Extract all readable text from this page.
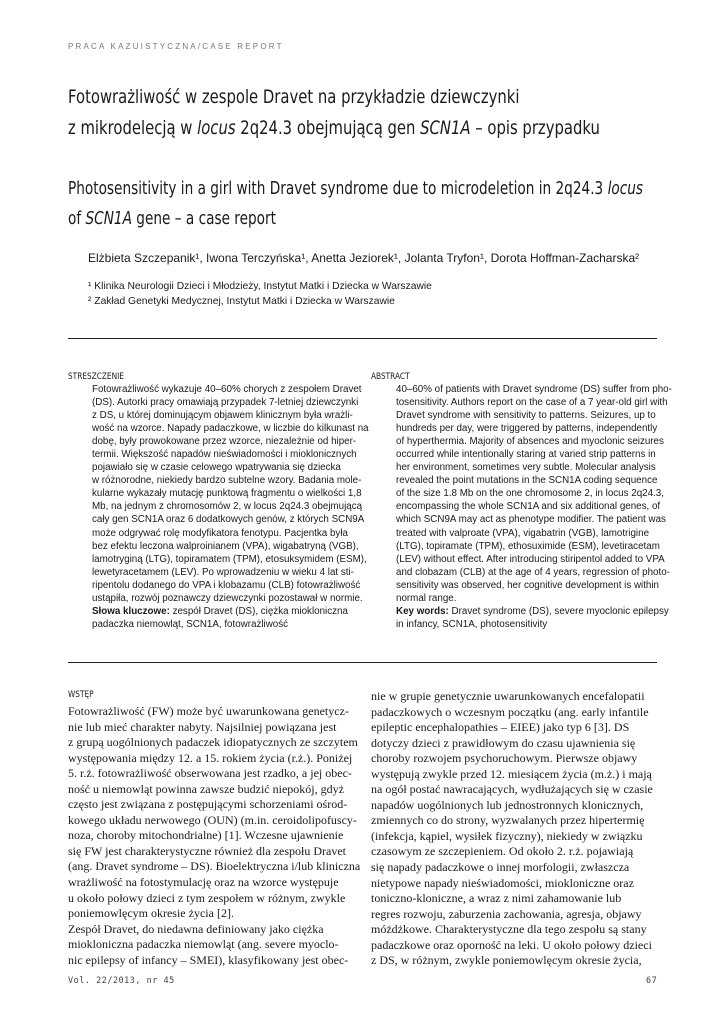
PRACA KAZUISTYCZNA/CASE REPORT
Fotowrażliwość w zespole Dravet na przykładzie dziewczynki
z mikrodelecją w locus 2q24.3 obejmującą gen SCN1A – opis przypadku
Photosensitivity in a girl with Dravet syndrome due to microdeletion in 2q24.3 locus
of SCN1A gene – a case report
Elżbieta Szczepanik¹, Iwona Terczyńska¹, Anetta Jeziorek¹, Jolanta Tryfon¹, Dorota Hoffman-Zacharska²
¹ Klinika Neurologii Dzieci i Młodzieży, Instytut Matki i Dziecka w Warszawie
² Zakład Genetyki Medycznej, Instytut Matki i Dziecka w Warszawie
STRESZCZENIE
Fotowrażliwość wykazuje 40–60% chorych z zespołem Dravet
(DS). Autorki pracy omawiają przypadek 7-letniej dziewczynki
z DS, u której dominującym objawem klinicznym była wrażli-
wość na wzorce. Napady padaczkowe, w liczbie do kilkunast na
dobę, były prowokowane przez wzorce, niezależnie od hiper-
termii. Większość napadów nieświadomości i mioklonicznych
pojawiało się w czasie celowego wpatrywania się dziecka
w różnorodne, niekiedy bardzo subtelne wzory. Badania mole-
kularne wykazały mutację punktową fragmentu o wielkości 1,8
Mb, na jednym z chromosomów 2, w locus 2q24.3 obejmującą
cały gen SCN1A oraz 6 dodatkowych genów, z których SCN9A
może odgrywać rolę modyfikatora fenotypu. Pacjentka była
bez efektu leczona walproinianem (VPA), wigabatryną (VGB),
lamotryginą (LTG), topiramatem (TPM), etosuksymidem (ESM),
lewetyracetamem (LEV). Po wprowadzeniu w wieku 4 lat sti-
ripentolu dodanego do VPA i klobazamu (CLB) fotowrażliwość
ustąpiła, rozwój poznawczy dziewczynki pozostawał w normie.
Słowa kluczowe: zespół Dravet (DS), ciężka miokloniczna
padaczka niemowląt, SCN1A, fotowrażliwość
ABSTRACT
40–60% of patients with Dravet syndrome (DS) suffer from pho-
tosensitivity. Authors report on the case of a 7 year-old girl with
Dravet syndrome with sensitivity to patterns. Seizures, up to
hundreds per day, were triggered by patterns, independently
of hyperthermia. Majority of absences and myoclonic seizures
occurred while intentionally staring at varied strip patterns in
her environment, sometimes very subtle. Molecular analysis
revealed the point mutations in the SCN1A coding sequence
of the size 1.8 Mb on the one chromosome 2, in locus 2q24.3,
encompassing the whole SCN1A and six additional genes, of
which SCN9A may act as phenotype modifier. The patient was
treated with valproate (VPA), vigabatrin (VGB), lamotrigine
(LTG), topiramate (TPM), ethosuximide (ESM), levetiracetam
(LEV) without effect. After introducing stiripentol added to VPA
and clobazam (CLB) at the age of 4 years, regression of photo-
sensitivity was observed, her cognitive development is within
normal range.
Key words: Dravet syndrome (DS), severe myoclonic epilepsy
in infancy, SCN1A, photosensitivity
WSTĘP
Fotowrażliwość (FW) może być uwarunkowana genetycz-
nie lub mieć charakter nabyty. Najsilniej powiązana jest
z grupą uogólnionych padaczek idiopatycznych ze szczytem
występowania między 12. a 15. rokiem życia (r.ż.). Poniżej
5. r.ż. fotowrażliwość obserwowana jest rzadko, a jej obec-
ność u niemowląt powinna zawsze budzić niepokój, gdyż
często jest związana z postępującymi schorzeniami ośrod-
kowego układu nerwowego (OUN) (m.in. ceroidolipofuscy-
noza, choroby mitochondrialne) [1]. Wczesne ujawnienie
się FW jest charakterystyczne również dla zespołu Dravet
(ang. Dravet syndrome – DS). Bioelektryczna i/lub kliniczna
wrażliwość na fotostymulację oraz na wzorce występuje
u około połowy dzieci z tym zespołem w różnym, zwykle
poniemowlęcym okresie życia [2].
Zespół Dravet, do niedawna definiowany jako ciężka
miokloniczna padaczka niemowląt (ang. severe myoclo-
nic epilepsy of infancy – SMEI), klasyfikowany jest obec-
nie w grupie genetycznie uwarunkowanych encefalopatii
padaczkowych o wczesnym początku (ang. early infantile
epileptic encephalopathies – EIEE) jako typ 6 [3]. DS
dotyczy dzieci z prawidłowym do czasu ujawnienia się
choroby rozwojem psychoruchowym. Pierwsze objawy
występują zwykle przed 12. miesiącem życia (m.ż.) i mają
na ogół postać nawracających, wydłużających się w czasie
napadów uogólnionych lub jednostronnych klonicznych,
zmiennych co do strony, wyzwalanych przez hipertermię
(infekcja, kąpiel, wysiłek fizyczny), niekiedy w związku
czasowym ze szczepieniem. Od około 2. r.ż. pojawiają
się napady padaczkowe o innej morfologii, zwłaszcza
nietypowe napady nieświadomości, miokloniczne oraz
toniczno-kloniczne, a wraz z nimi zahamowanie lub
regres rozwoju, zaburzenia zachowania, agresja, objawy
móżdżkowe. Charakterystyczne dla tego zespołu są stany
padaczkowe oraz oporność na leki. U około połowy dzieci
z DS, w różnym, zwykle poniemowlęcym okresie życia,
Vol. 22/2013, nr 45	67
